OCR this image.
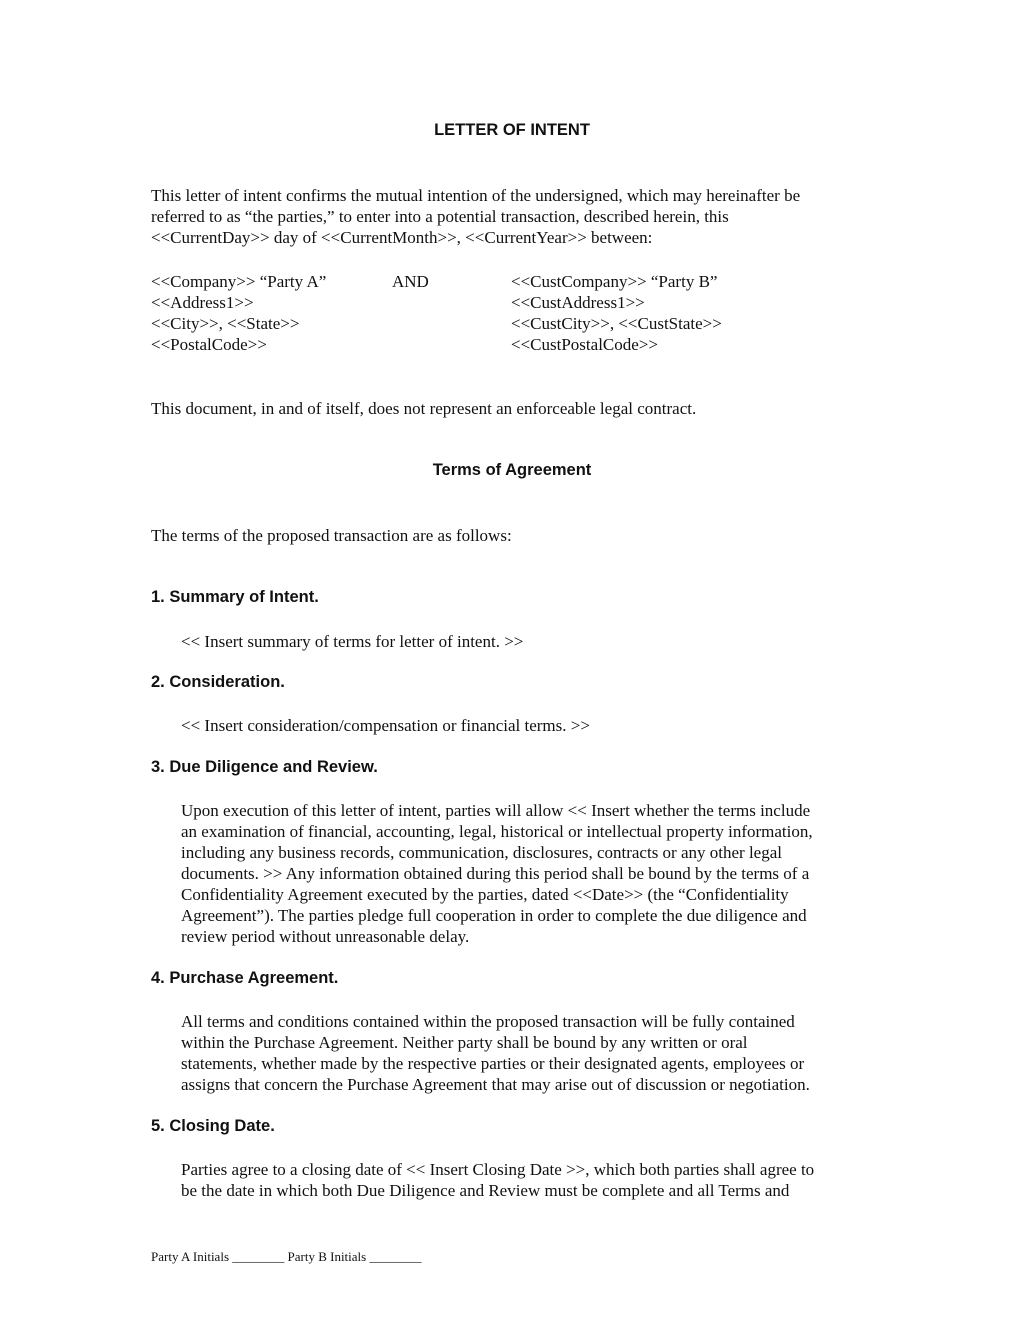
LETTER OF INTENT
This letter of intent confirms the mutual intention of the undersigned, which may hereinafter be
referred to as “the parties,” to enter into a potential transaction, described herein, this
<<CurrentDay>> day of <<CurrentMonth>>, <<CurrentYear>> between:
<<Company>> “Party A”
<<Address1>>
<<City>>, <<State>>
<<PostalCode>>
AND	<<CustCompany>> “Party B”
<<CustAddress1>>
<<CustCity>>, <<CustState>>
<<CustPostalCode>>
This document, in and of itself, does not represent an enforceable legal contract.
Terms of Agreement
The terms of the proposed transaction are as follows:
1. Summary of Intent.
<< Insert summary of terms for letter of intent. >>
2. Consideration.
<< Insert consideration/compensation or financial terms. >>
3. Due Diligence and Review.
Upon execution of this letter of intent, parties will allow << Insert whether the terms include
an examination of financial, accounting, legal, historical or intellectual property information,
including any business records, communication, disclosures, contracts or any other legal
documents. >> Any information obtained during this period shall be bound by the terms of a
Confidentiality Agreement executed by the parties, dated <<Date>> (the “Confidentiality
Agreement”). The parties pledge full cooperation in order to complete the due diligence and
review period without unreasonable delay.
4. Purchase Agreement.
All terms and conditions contained within the proposed transaction will be fully contained
within the Purchase Agreement. Neither party shall be bound by any written or oral
statements, whether made by the respective parties or their designated agents, employees or
assigns that concern the Purchase Agreement that may arise out of discussion or negotiation.
5. Closing Date.
Parties agree to a closing date of << Insert Closing Date >>, which both parties shall agree to
be the date in which both Due Diligence and Review must be complete and all Terms and
Party A Initials ________ Party B Initials ________
